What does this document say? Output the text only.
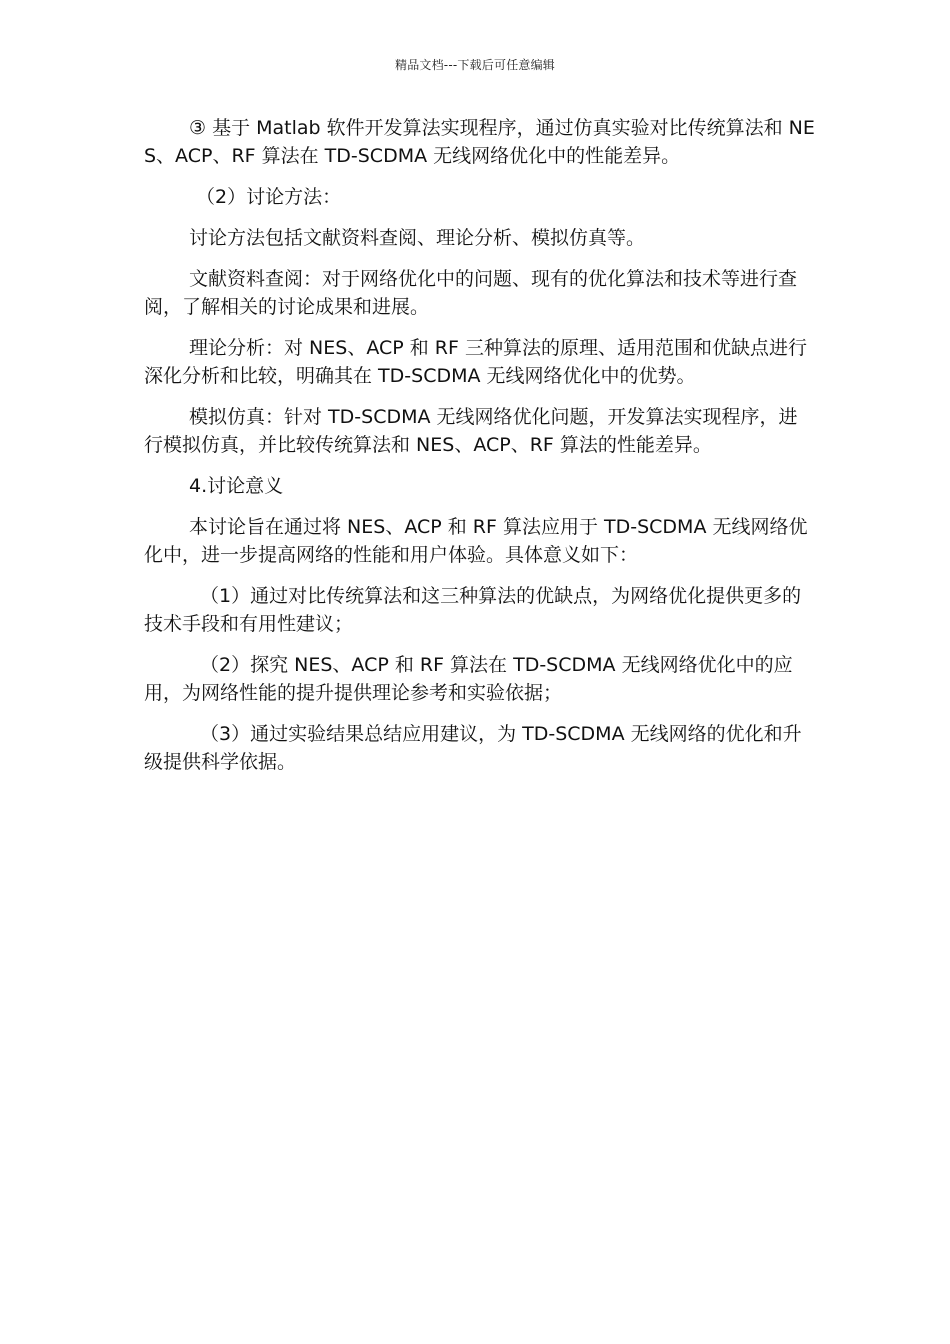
精品文档---下载后可任意编辑

③ 基于 Matlab 软件开发算法实现程序，通过仿真实验对比传统算法和 NES、ACP、RF 算法在 TD-SCDMA 无线网络优化中的性能差异。

（2）讨论方法：

讨论方法包括文献资料查阅、理论分析、模拟仿真等。

文献资料查阅：对于网络优化中的问题、现有的优化算法和技术等进行查阅，了解相关的讨论成果和进展。

理论分析：对 NES、ACP 和 RF 三种算法的原理、适用范围和优缺点进行深化分析和比较，明确其在 TD-SCDMA 无线网络优化中的优势。

模拟仿真：针对 TD-SCDMA 无线网络优化问题，开发算法实现程序，进行模拟仿真，并比较传统算法和 NES、ACP、RF 算法的性能差异。

4.讨论意义

本讨论旨在通过将 NES、ACP 和 RF 算法应用于 TD-SCDMA 无线网络优化中，进一步提高网络的性能和用户体验。具体意义如下：

（1）通过对比传统算法和这三种算法的优缺点，为网络优化提供更多的技术手段和有用性建议；

（2）探究 NES、ACP 和 RF 算法在 TD-SCDMA 无线网络优化中的应用，为网络性能的提升提供理论参考和实验依据；

（3）通过实验结果总结应用建议，为 TD-SCDMA 无线网络的优化和升级提供科学依据。
